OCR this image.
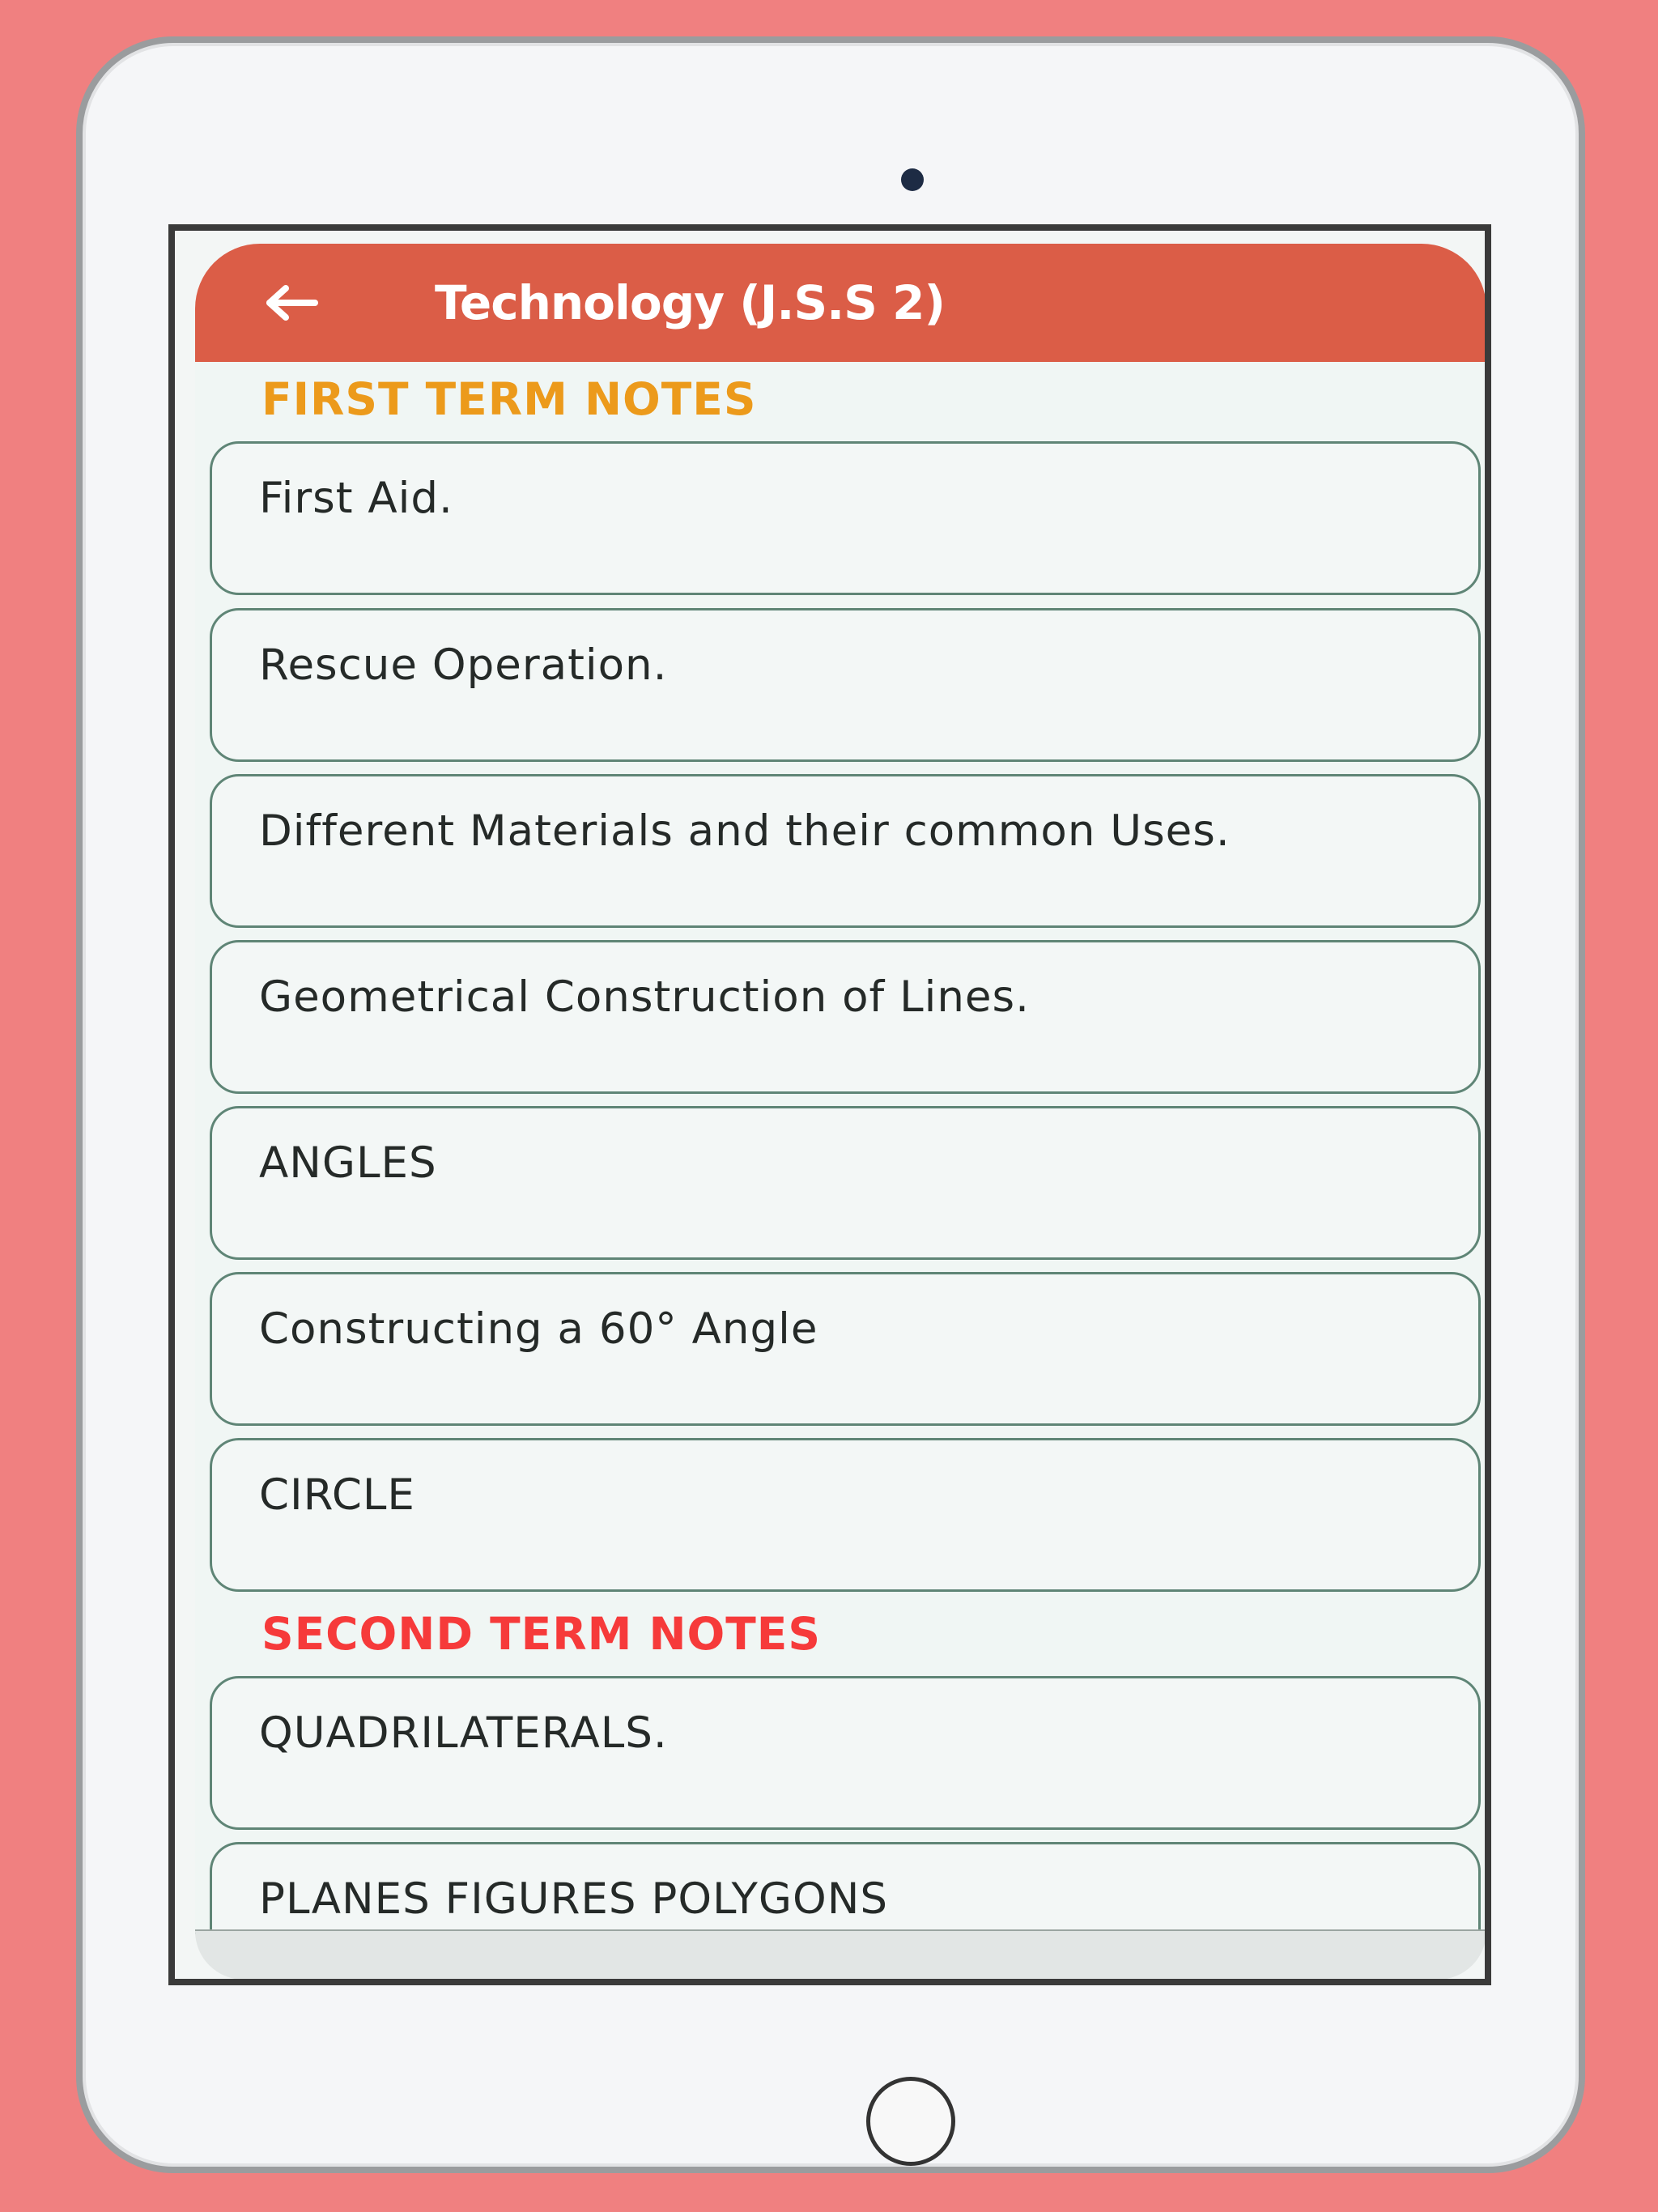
Technology (J.S.S 2)
FIRST TERM NOTES
First Aid.
Rescue Operation.
Different Materials and their common Uses.
Geometrical Construction of Lines.
ANGLES
Constructing a 60° Angle
CIRCLE
SECOND TERM NOTES
QUADRILATERALS.
PLANES FIGURES POLYGONS
